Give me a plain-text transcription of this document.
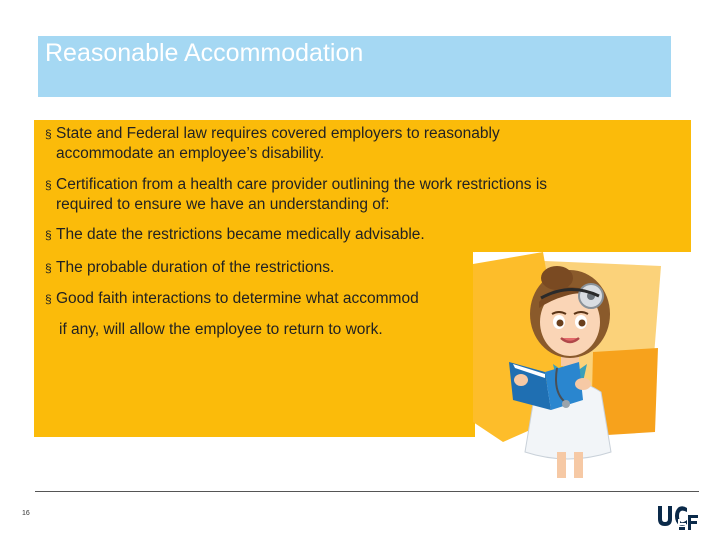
Reasonable Accommodation
§ State and Federal law requires covered employers to reasonably
accommodate an employee’s disability.
§ Certification from a health care provider outlining the work restrictions is
required to ensure we have an understanding of:
§ The date the restrictions became medically advisable.
§ The probable duration of the restrictions.
§ Good faith interactions to determine what accommod
if any, will allow the employee to return to work.
16
